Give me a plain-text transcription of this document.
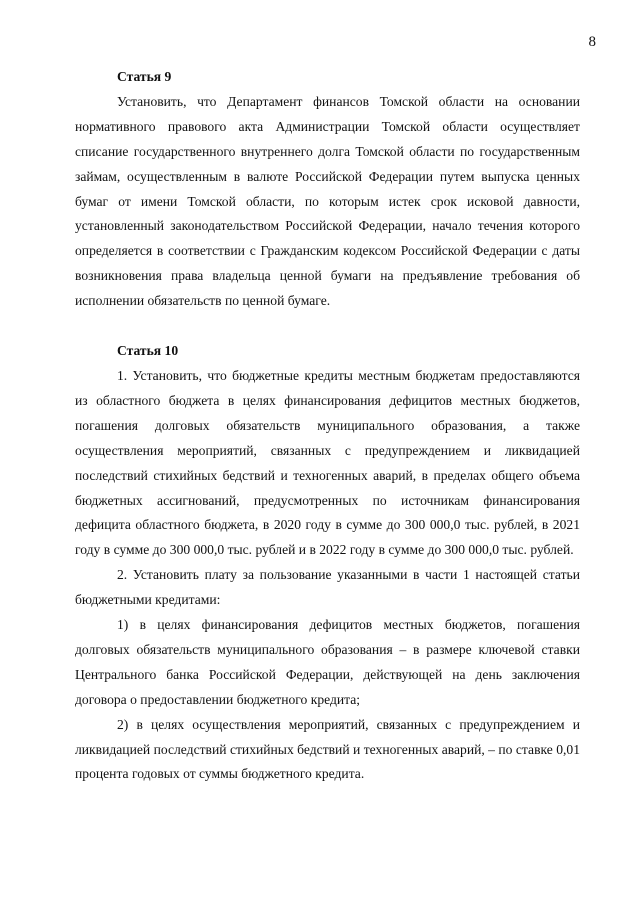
8

Статья 9

Установить, что Департамент финансов Томской области на основании нормативного правового акта Администрации Томской области осуществляет списание государственного внутреннего долга Томской области по государственным займам, осуществленным в валюте Российской Федерации путем выпуска ценных бумаг от имени Томской области, по которым истек срок исковой давности, установленный законодательством Российской Федерации, начало течения которого определяется в соответствии с Гражданским кодексом Российской Федерации с даты возникновения права владельца ценной бумаги на предъявление требования об исполнении обязательств по ценной бумаге.

Статья 10

1. Установить, что бюджетные кредиты местным бюджетам предоставляются из областного бюджета в целях финансирования дефицитов местных бюджетов, погашения долговых обязательств муниципального образования, а также осуществления мероприятий, связанных с предупреждением и ликвидацией последствий стихийных бедствий и техногенных аварий, в пределах общего объема бюджетных ассигнований, предусмотренных по источникам финансирования дефицита областного бюджета, в 2020 году в сумме до 300 000,0 тыс. рублей, в 2021 году в сумме до 300 000,0 тыс. рублей и в 2022 году в сумме до 300 000,0 тыс. рублей.

2. Установить плату за пользование указанными в части 1 настоящей статьи бюджетными кредитами:

1) в целях финансирования дефицитов местных бюджетов, погашения долговых обязательств муниципального образования – в размере ключевой ставки Центрального банка Российской Федерации, действующей на день заключения договора о предоставлении бюджетного кредита;

2) в целях осуществления мероприятий, связанных с предупреждением и ликвидацией последствий стихийных бедствий и техногенных аварий, – по ставке 0,01 процента годовых от суммы бюджетного кредита.
